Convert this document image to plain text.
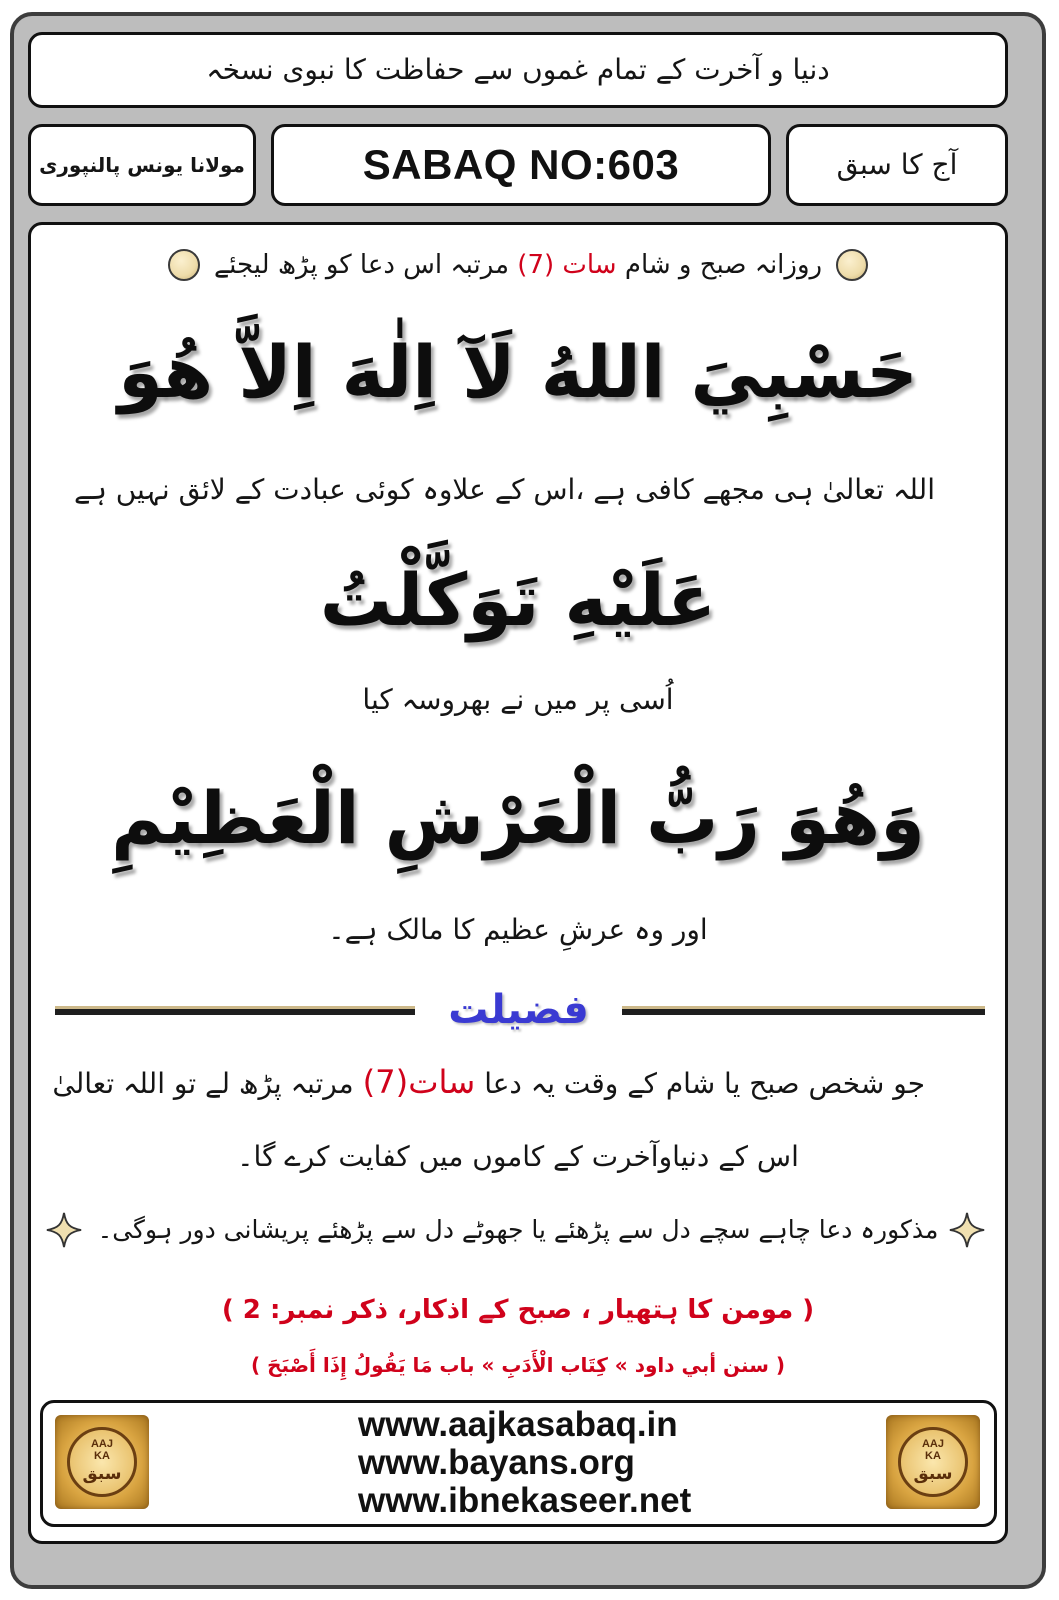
دنیا و آخرت کے تمام غموں سے حفاظت کا نبوی نسخہ
مولانا یونس پالنپوری	SABAQ NO:603	آج کا سبق
روزانہ صبح و شام سات (7) مرتبہ اس دعا کو پڑھ لیجئے
حَسْبِيَ اللهُ لَآ اِلٰهَ اِلاَّ هُوَ
اللہ تعالیٰ ہی مجھے کافی ہے ،اس کے علاوہ کوئی عبادت کے لائق نہیں ہے
عَلَيْهِ تَوَكَّلْتُ
اُسی پر میں نے بھروسہ کیا
وَهُوَ رَبُّ الْعَرْشِ الْعَظِيْمِ
اور وہ عرشِ عظیم کا مالک ہے۔
فضیلت
جو شخص صبح یا شام کے وقت یہ دعا سات(7) مرتبہ پڑھ لے تو اللہ تعالیٰ
اس کے دنیاوآخرت کے کاموں میں کفایت کرے گا۔
مذکورہ دعا چاہے سچے دل سے پڑھئے یا جھوٹے دل سے پڑھئے پریشانی دور ہوگی۔
( مومن کا ہتھیار ، صبح کے اذکار، ذکر نمبر: 2 )
( سنن أبي داود » كِتَاب الْأَدَبِ » باب مَا يَقُولُ إِذَا أَصْبَحَ )
AAJ
KA
سبق
www.aajkasabaq.in
www.bayans.org
www.ibnekaseer.net
AAJ
KA
سبق
